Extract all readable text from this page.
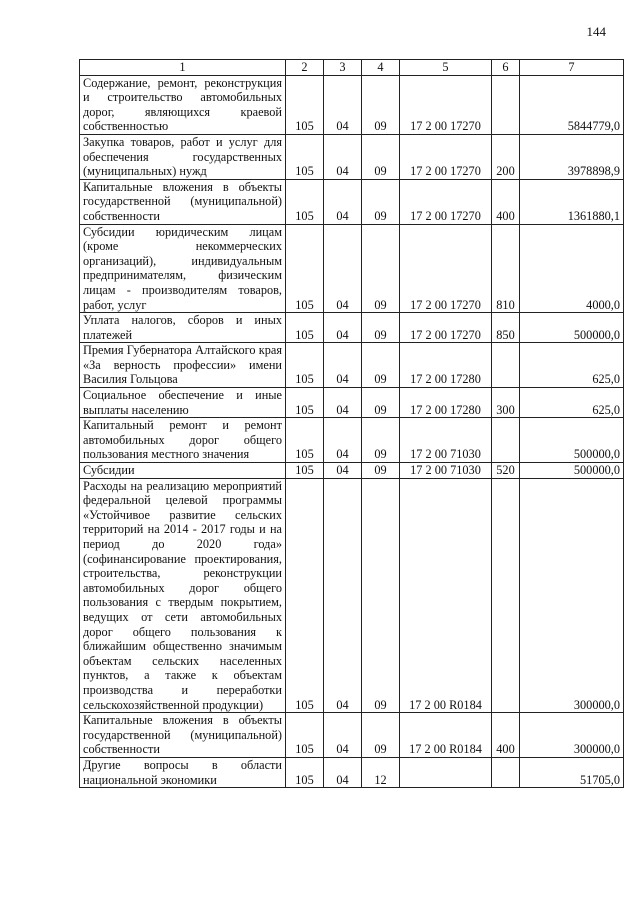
144
1	2	3	4	5	6	7
Содержание, ремонт, реконструкция и строительство автомобильных дорог, являющихся краевой собственностью	105	04	09	17 2 00 17270		5844779,0
Закупка товаров, работ и услуг для обеспечения государственных (муниципальных) нужд	105	04	09	17 2 00 17270	200	3978898,9
Капитальные вложения в объекты государственной (муниципальной) собственности	105	04	09	17 2 00 17270	400	1361880,1
Субсидии юридическим лицам (кроме некоммерческих организаций), индивидуальным предпринимателям, физическим лицам - производителям товаров, работ, услуг	105	04	09	17 2 00 17270	810	4000,0
Уплата налогов, сборов и иных платежей	105	04	09	17 2 00 17270	850	500000,0
Премия Губернатора Алтайского края «За верность профессии» имени Василия Гольцова	105	04	09	17 2 00 17280		625,0
Социальное обеспечение и иные выплаты населению	105	04	09	17 2 00 17280	300	625,0
Капитальный ремонт и ремонт автомобильных дорог общего пользования местного значения	105	04	09	17 2 00 71030		500000,0
Субсидии	105	04	09	17 2 00 71030	520	500000,0
Расходы на реализацию мероприятий федеральной целевой программы «Устойчивое развитие сельских территорий на 2014 - 2017 годы и на период до 2020 года» (софинансирование проектирования, строительства, реконструкции автомобильных дорог общего пользования с твердым покрытием, ведущих от сети автомобильных дорог общего пользования к ближайшим общественно значимым объектам сельских населенных пунктов, а также к объектам производства и переработки сельскохозяйственной продукции)	105	04	09	17 2 00 R0184		300000,0
Капитальные вложения в объекты государственной (муниципальной) собственности	105	04	09	17 2 00 R0184	400	300000,0
Другие вопросы в области национальной экономики	105	04	12			51705,0
